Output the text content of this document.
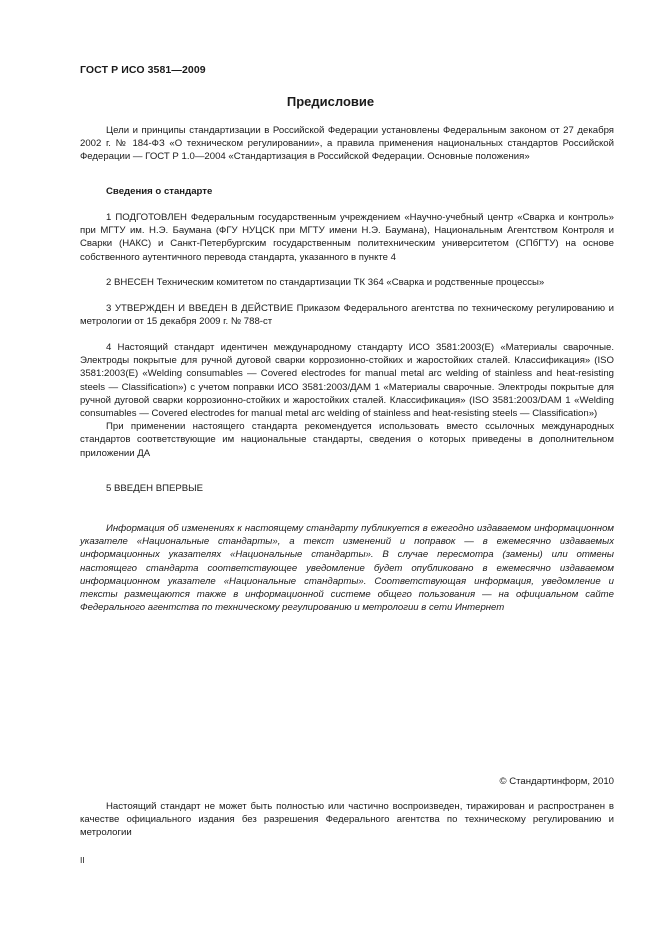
ГОСТ Р ИСО 3581—2009
Предисловие

Цели и принципы стандартизации в Российской Федерации установлены Федеральным законом от 27 декабря 2002 г. № 184-ФЗ «О техническом регулировании», а правила применения национальных стандартов Российской Федерации — ГОСТ Р 1.0—2004 «Стандартизация в Российской Федерации. Основные положения»

Сведения о стандарте

1 ПОДГОТОВЛЕН Федеральным государственным учреждением «Научно-учебный центр «Сварка и контроль» при МГТУ им. Н.Э. Баумана (ФГУ НУЦСК при МГТУ имени Н.Э. Баумана), Национальным Агентством Контроля и Сварки (НАКС) и Санкт-Петербургским государственным политехническим университетом (СПбГТУ) на основе собственного аутентичного перевода стандарта, указанного в пункте 4

2 ВНЕСЕН Техническим комитетом по стандартизации ТК 364 «Сварка и родственные процессы»

3 УТВЕРЖДЕН И ВВЕДЕН В ДЕЙСТВИЕ Приказом Федерального агентства по техническому регулированию и метрологии от 15 декабря 2009 г. № 788-ст

4 Настоящий стандарт идентичен международному стандарту ИСО 3581:2003(Е) «Материалы сварочные. Электроды покрытые для ручной дуговой сварки коррозионно-стойких и жаростойких сталей. Классификация» (ISO 3581:2003(E) «Welding consumables — Covered electrodes for manual metal arc welding of stainless and heat-resisting steels — Classification») с учетом поправки ИСО 3581:2003/ДАМ 1 «Материалы сварочные. Электроды покрытые для ручной дуговой сварки коррозионно-стойких и жаростойких сталей. Классификация» (ISO 3581:2003/DAM 1 «Welding consumables — Covered electrodes for manual metal arc welding of stainless and heat-resisting steels — Classification»)

При применении настоящего стандарта рекомендуется использовать вместо ссылочных международных стандартов соответствующие им национальные стандарты, сведения о которых приведены в дополнительном приложении ДА

5 ВВЕДЕН ВПЕРВЫЕ

Информация об изменениях к настоящему стандарту публикуется в ежегодно издаваемом информационном указателе «Национальные стандарты», а текст изменений и поправок — в ежемесячно издаваемых информационных указателях «Национальные стандарты». В случае пересмотра (замены) или отмены настоящего стандарта соответствующее уведомление будет опубликовано в ежемесячно издаваемом информационном указателе «Национальные стандарты». Соответствующая информация, уведомление и тексты размещаются также в информационной системе общего пользования — на официальном сайте Федерального агентства по техническому регулированию и метрологии в сети Интернет

© Стандартинформ, 2010

Настоящий стандарт не может быть полностью или частично воспроизведен, тиражирован и распространен в качестве официального издания без разрешения Федерального агентства по техническому регулированию и метрологии

II
